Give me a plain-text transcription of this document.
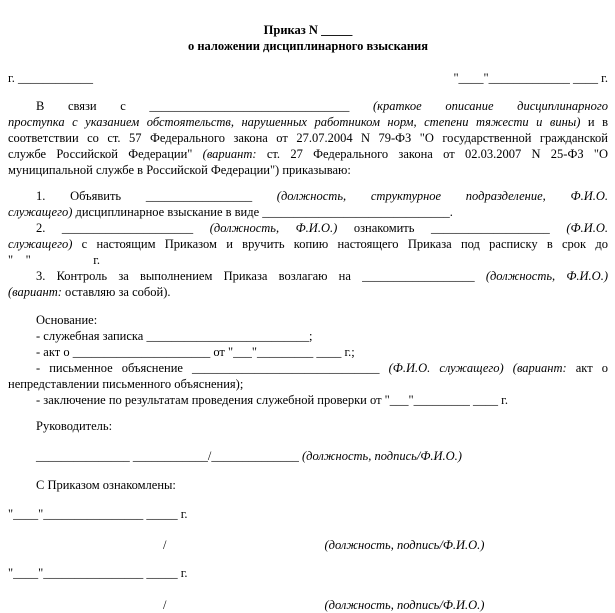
Приказ N _____
о наложении дисциплинарного взыскания
г. ____________	"____"_____________ ____ г.
В связи с ________________________________ (краткое описание дисциплинарного
проступка с указанием обстоятельств, нарушенных работником норм, степени тяжести и вины) и в
соответствии со ст. 57 Федерального закона от 27.07.2004 N 79-ФЗ "О государственной гражданской
службе Российской Федерации" (вариант: ст. 27 Федерального закона от 02.03.2007 N 25-ФЗ "О
муниципальной службе в Российской Федерации") приказываю:
1. Объявить _________________ (должность, структурное подразделение, Ф.И.О.
служащего) дисциплинарное взыскание в виде ______________________________.
2. _____________________ (должность, Ф.И.О.) ознакомить ___________________ (Ф.И.О.
служащего) с настоящим Приказом и вручить копию настоящего Приказа под расписку в срок до
"    "                    г.
3. Контроль за выполнением Приказа возлагаю на __________________ (должность, Ф.И.О.)
(вариант: оставляю за собой).
Основание:
- служебная записка __________________________;
- акт о ______________________ от "___"_________ ____ г.;
- письменное объяснение ______________________________ (Ф.И.О. служащего) (вариант: акт о
непредставлении письменного объяснения);
- заключение по результатам проведения служебной проверки от "___"_________ ____ г.
Руководитель:
_______________ ____________/______________ (должность, подпись/Ф.И.О.)
С Приказом ознакомлены:
"____"________________ _____ г.
/	(должность, подпись/Ф.И.О.)
"____"________________ _____ г.
/	(должность, подпись/Ф.И.О.)
